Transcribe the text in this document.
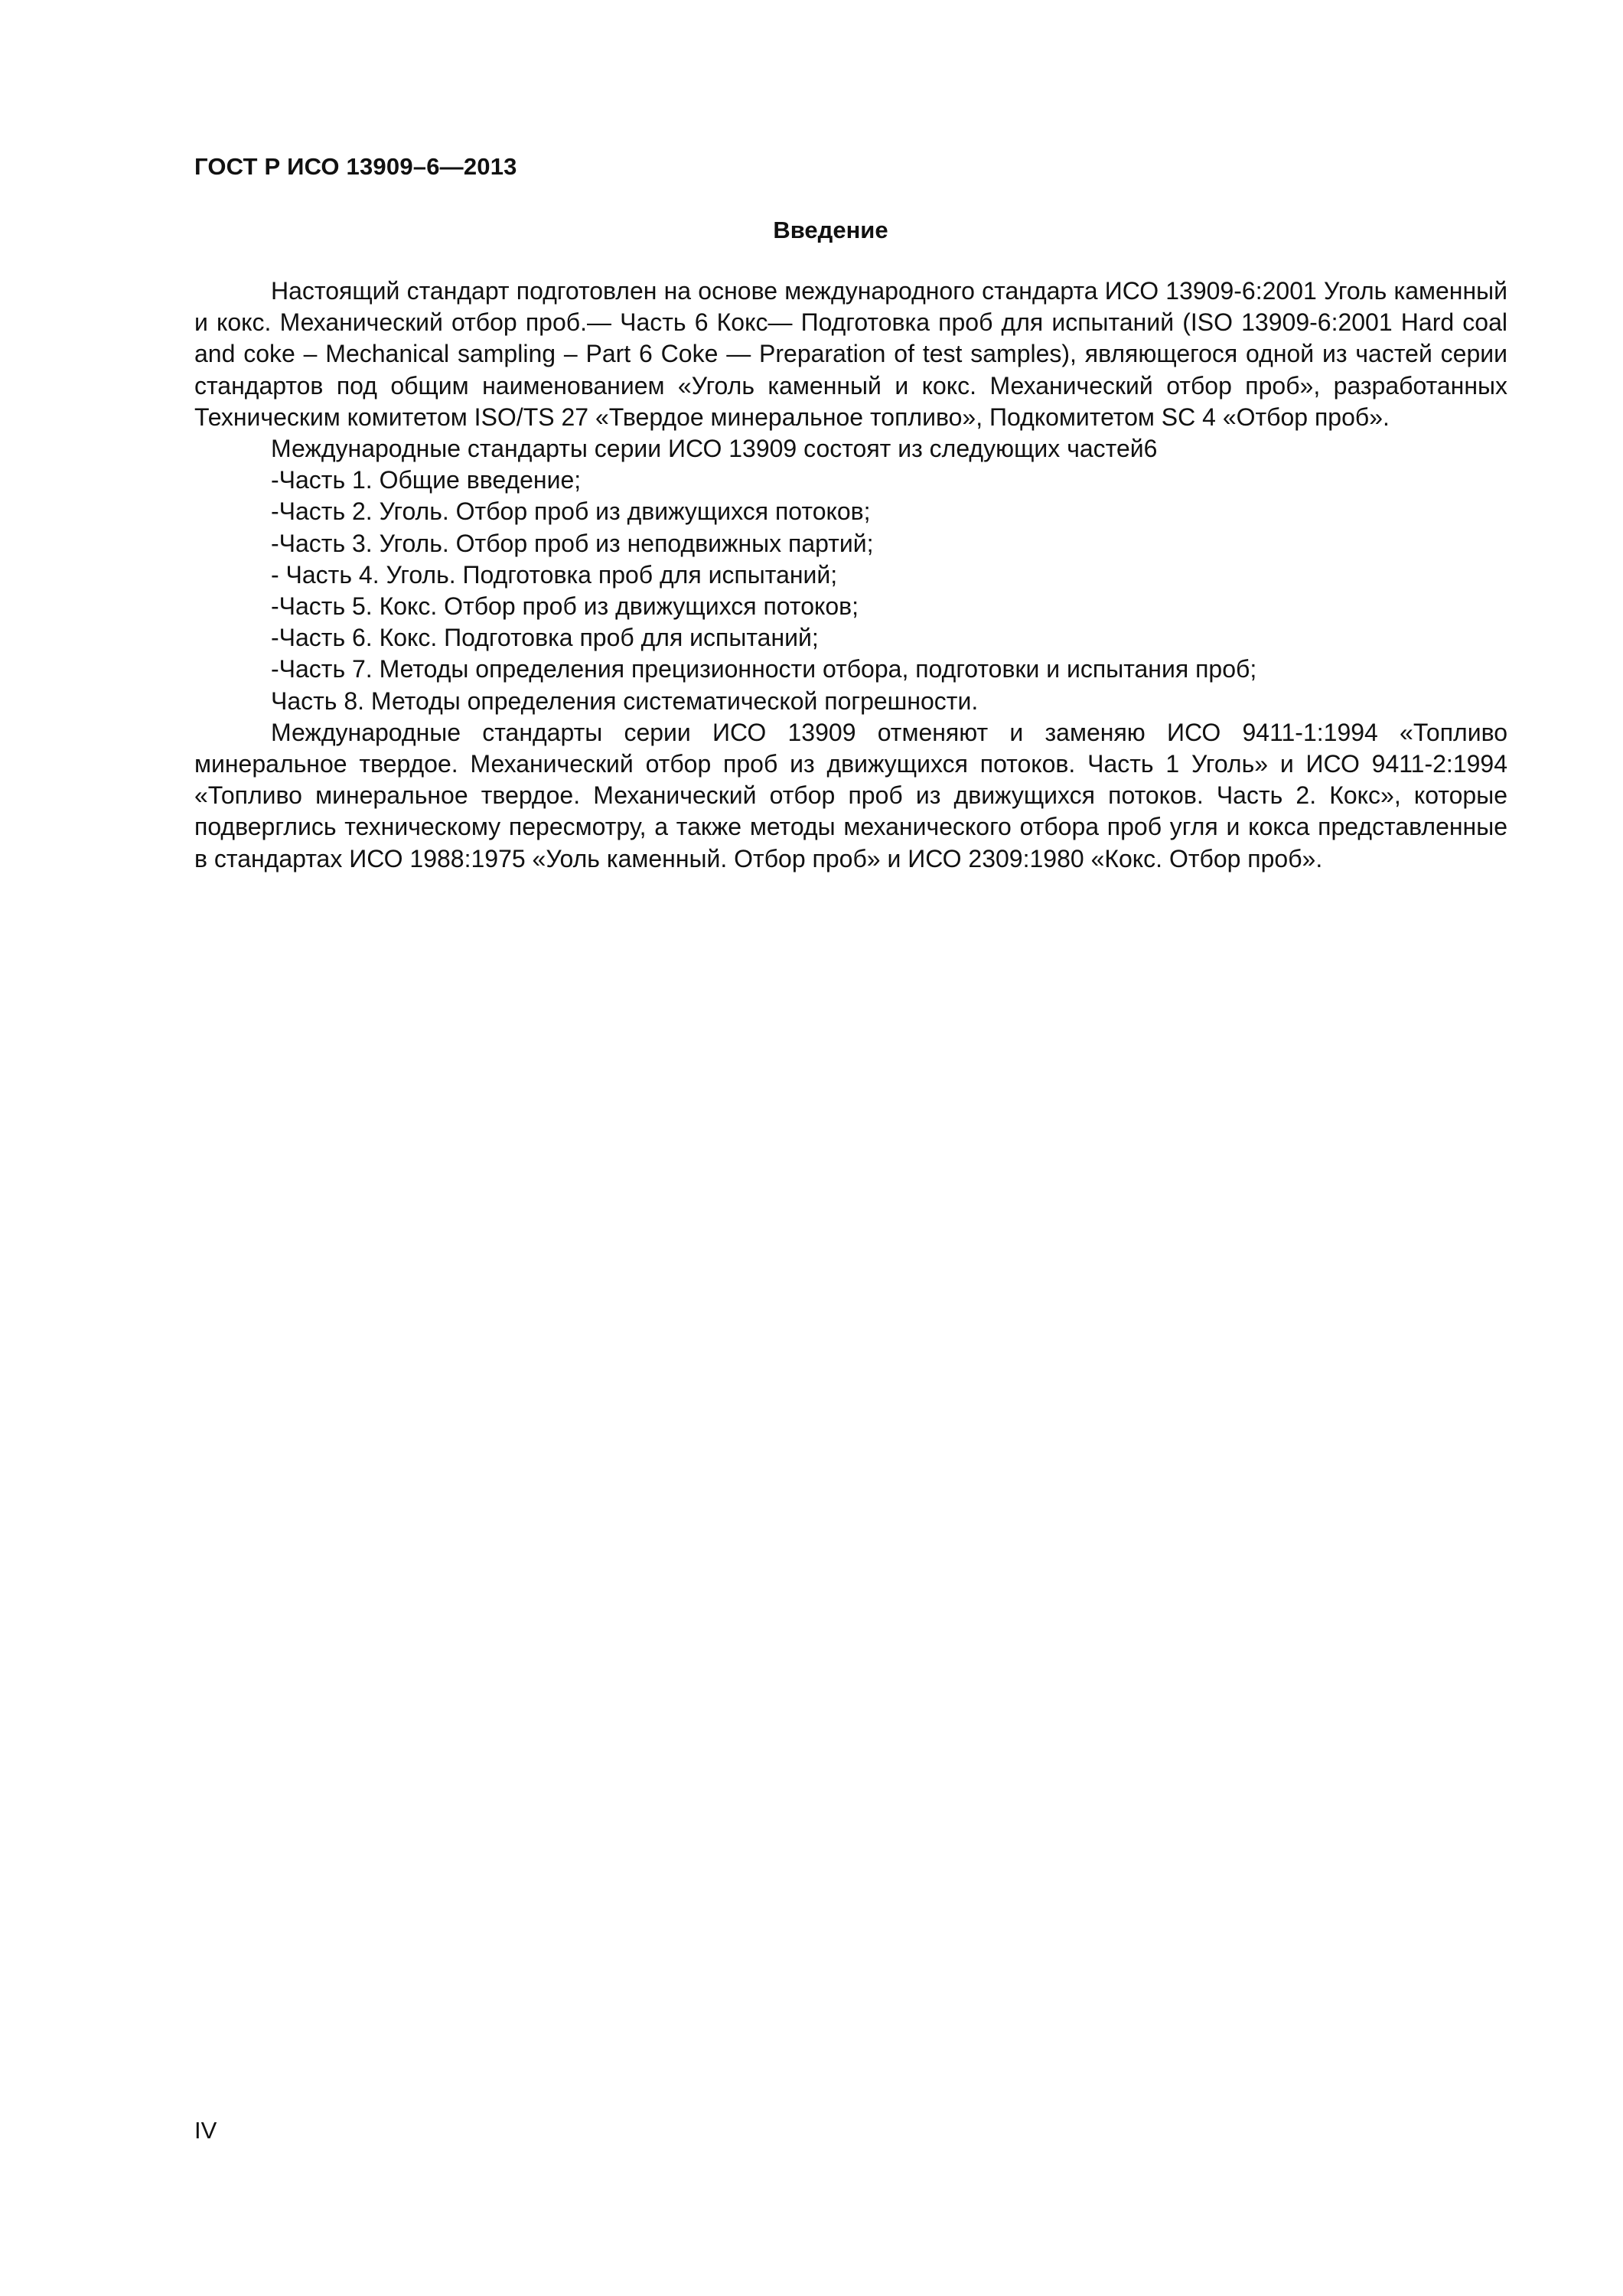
ГОСТ Р ИСО 13909–6—2013
Введение

Настоящий стандарт подготовлен на основе международного стандарта ИСО 13909-6:2001 Уголь каменный и кокс. Механический отбор проб.— Часть 6 Кокс— Подготовка проб для испытаний (ISO 13909-6:2001 Hard coal and coke – Mechanical sampling – Part 6 Coke — Preparation of test samples), являющегося одной из частей серии стандартов под общим наименованием «Уголь каменный и кокс. Механический отбор проб», разработанных Техническим комитетом ISO/TS 27 «Твердое минеральное топливо», Подкомитетом SC 4 «Отбор проб».

Международные стандарты серии ИСО 13909 состоят из следующих частей6

-Часть 1. Общие введение;

-Часть 2. Уголь. Отбор проб из движущихся потоков;

-Часть 3. Уголь. Отбор проб из неподвижных партий;

- Часть 4. Уголь. Подготовка проб для испытаний;

-Часть 5. Кокс. Отбор проб из движущихся потоков;

-Часть 6. Кокс. Подготовка проб для испытаний;

-Часть 7. Методы определения прецизионности отбора, подготовки и испытания проб;

Часть 8. Методы определения систематической погрешности.

Международные стандарты серии ИСО 13909 отменяют и заменяю ИСО 9411-1:1994 «Топливо минеральное твердое. Механический отбор проб из движущихся потоков. Часть 1 Уголь» и ИСО 9411-2:1994 «Топливо минеральное твердое. Механический отбор проб из движущихся потоков. Часть 2. Кокс», которые подверглись техническому пересмотру, а также методы механического отбора проб угля и кокса представленные в стандартах ИСО 1988:1975 «Уоль каменный. Отбор проб» и ИСО 2309:1980 «Кокс. Отбор проб».

IV
